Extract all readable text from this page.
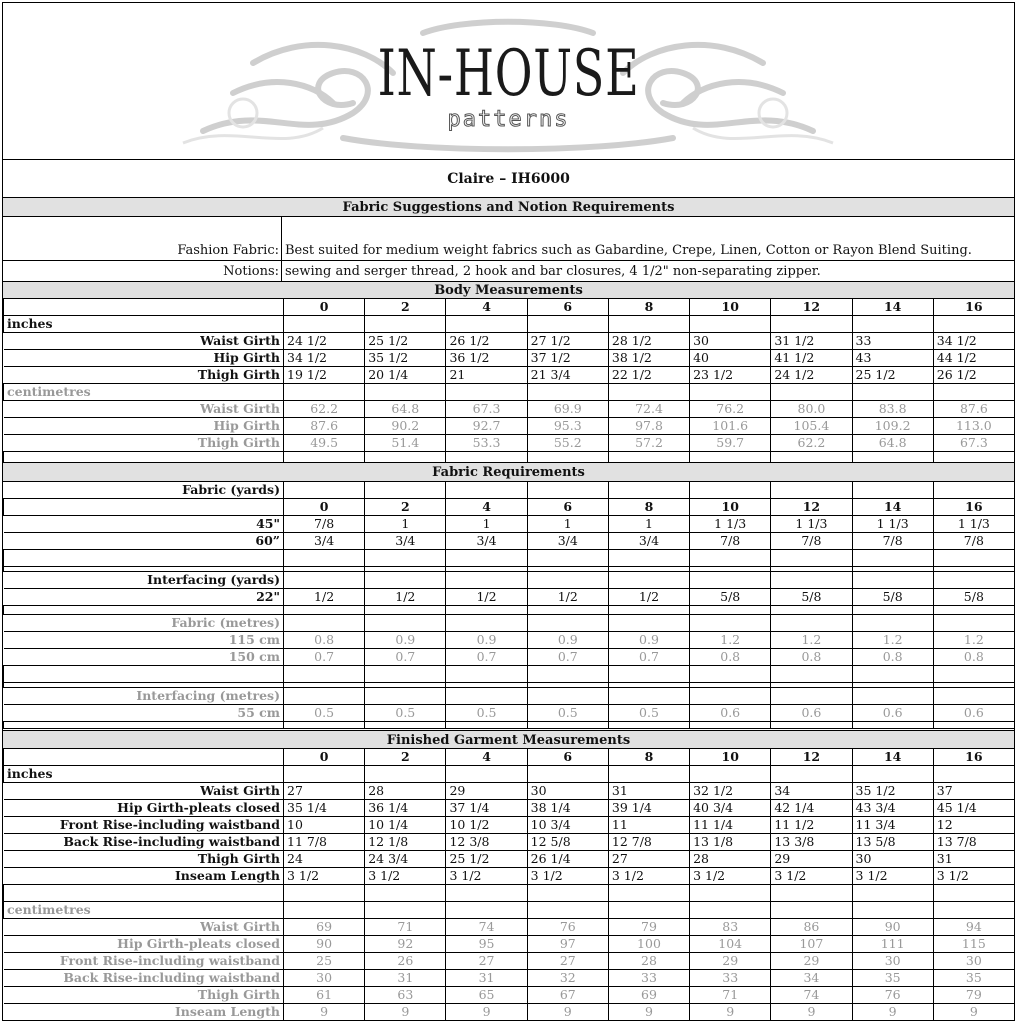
IN-HOUSE
patterns
Claire – IH6000
Fabric Suggestions and Notion Requirements
Fashion Fabric: Best suited for medium weight fabrics such as Gabardine, Crepe, Linen, Cotton or Rayon Blend Suiting.
Notions: sewing and serger thread, 2 hook and bar closures, 4 1/2" non-separating zipper.
Body Measurements
	0	2	4	6	8	10	12	14	16
inches									
Waist Girth	24 1/2	25 1/2	26 1/2	27 1/2	28 1/2	30	31 1/2	33	34 1/2
Hip Girth	34 1/2	35 1/2	36 1/2	37 1/2	38 1/2	40	41 1/2	43	44 1/2
Thigh Girth	19 1/2	20 1/4	21	21 3/4	22 1/2	23 1/2	24 1/2	25 1/2	26 1/2
centimetres									
Waist Girth	62.2	64.8	67.3	69.9	72.4	76.2	80.0	83.8	87.6
Hip Girth	87.6	90.2	92.7	95.3	97.8	101.6	105.4	109.2	113.0
Thigh Girth	49.5	51.4	53.3	55.2	57.2	59.7	62.2	64.8	67.3

Fabric Requirements
Fabric (yards)									
	0	2	4	6	8	10	12	14	16
45"	7/8	1	1	1	1	1 1/3	1 1/3	1 1/3	1 1/3
60”	3/4	3/4	3/4	3/4	3/4	7/8	7/8	7/8	7/8

Interfacing (yards)									
22"	1/2	1/2	1/2	1/2	1/2	5/8	5/8	5/8	5/8

Fabric (metres)									
115 cm	0.8	0.9	0.9	0.9	0.9	1.2	1.2	1.2	1.2
150 cm	0.7	0.7	0.7	0.7	0.7	0.8	0.8	0.8	0.8

Interfacing (metres)									
55 cm	0.5	0.5	0.5	0.5	0.5	0.6	0.6	0.6	0.6

Finished Garment Measurements
	0	2	4	6	8	10	12	14	16
inches									
Waist Girth	27	28	29	30	31	32 1/2	34	35 1/2	37
Hip Girth-pleats closed	35 1/4	36 1/4	37 1/4	38 1/4	39 1/4	40 3/4	42 1/4	43 3/4	45 1/4
Front Rise-including waistband	10	10 1/4	10 1/2	10 3/4	11	11 1/4	11 1/2	11 3/4	12
Back Rise-including waistband	11 7/8	12 1/8	12 3/8	12 5/8	12 7/8	13 1/8	13 3/8	13 5/8	13 7/8
Thigh Girth	24	24 3/4	25 1/2	26 1/4	27	28	29	30	31
Inseam Length	3 1/2	3 1/2	3 1/2	3 1/2	3 1/2	3 1/2	3 1/2	3 1/2	3 1/2

centimetres									
Waist Girth	69	71	74	76	79	83	86	90	94
Hip Girth-pleats closed	90	92	95	97	100	104	107	111	115
Front Rise-including waistband	25	26	27	27	28	29	29	30	30
Back Rise-including waistband	30	31	31	32	33	33	34	35	35
Thigh Girth	61	63	65	67	69	71	74	76	79
Inseam Length	9	9	9	9	9	9	9	9	9
